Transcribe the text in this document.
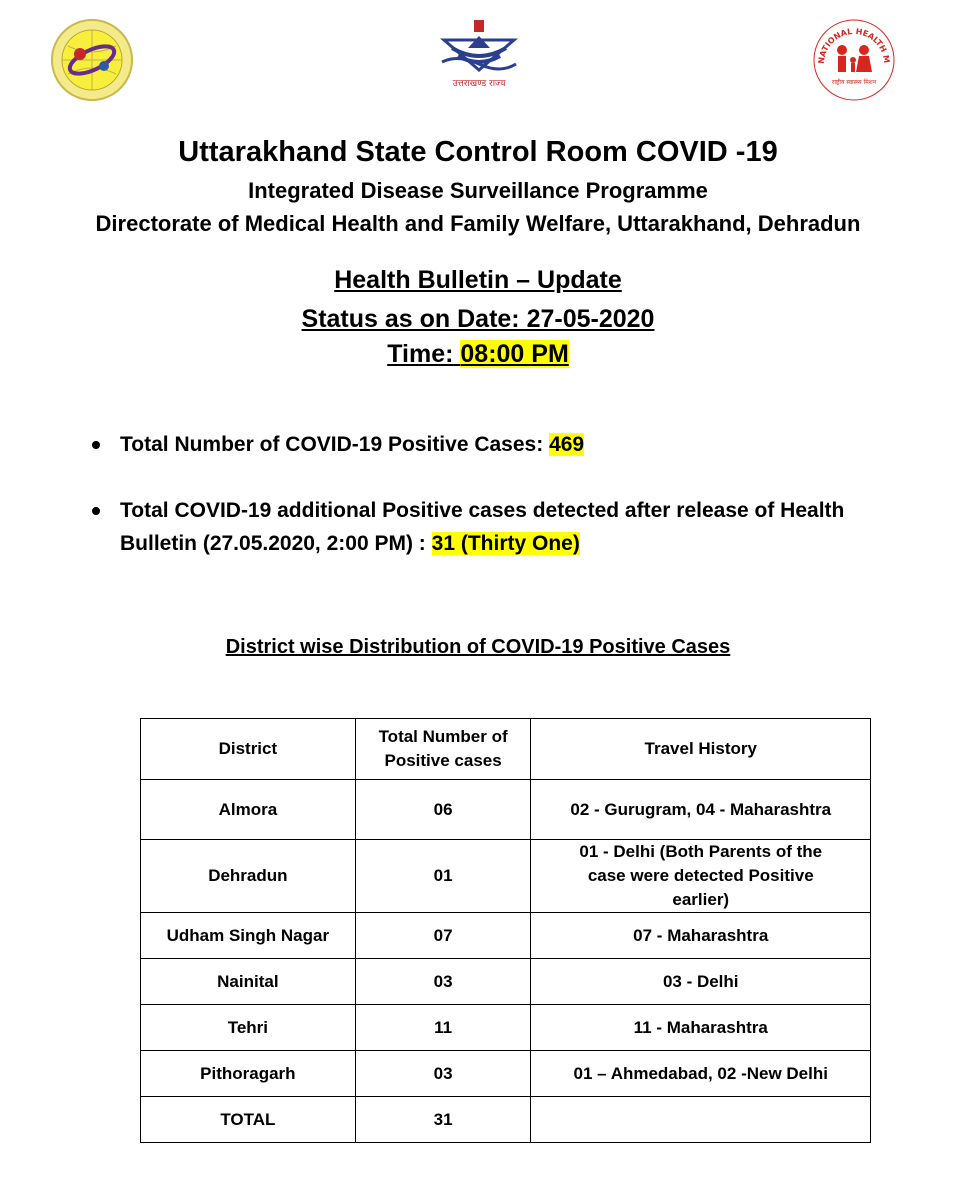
उत्तराखण्ड राज्य
NATIONAL HEALTH M
राष्ट्रीय स्वास्थ्य मिशन
Uttarakhand State Control Room COVID -19
Integrated Disease Surveillance Programme
Directorate of Medical Health and Family Welfare, Uttarakhand, Dehradun
Health Bulletin – Update
Status as on Date: 27-05-2020
Time: 08:00 PM
Total Number of COVID-19 Positive Cases: 469
Total COVID-19 additional Positive cases detected after release of Health Bulletin (27.05.2020, 2:00 PM) : 31 (Thirty One)
District wise Distribution of COVID-19 Positive Cases
District	Total Number of Positive cases	Travel History
Almora	06	02 - Gurugram, 04 - Maharashtra
Dehradun	01	01 - Delhi (Both Parents of the case were detected Positive earlier)
Udham Singh Nagar	07	07 - Maharashtra
Nainital	03	03 - Delhi
Tehri	11	11 - Maharashtra
Pithoragarh	03	01 – Ahmedabad, 02 -New Delhi
TOTAL	31	
